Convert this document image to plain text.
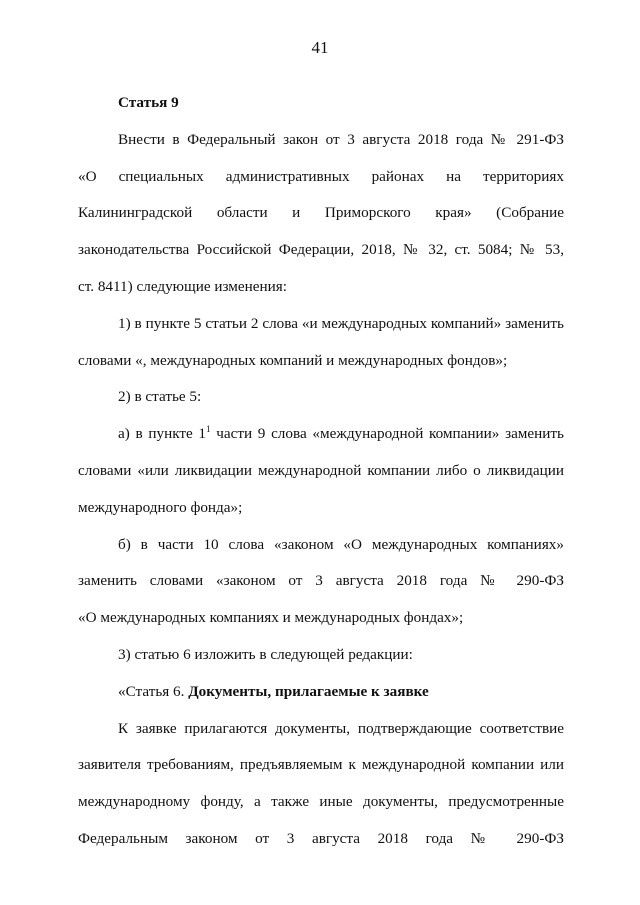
41

Статья 9

Внести в Федеральный закон от 3 августа 2018 года № 291-ФЗ

«О специальных административных районах на территориях

Калининградской области и Приморского края» (Собрание

законодательства Российской Федерации, 2018, № 32, ст. 5084; № 53,

ст. 8411) следующие изменения:

1) в пункте 5 статьи 2 слова «и международных компаний» заменить

словами «, международных компаний и международных фондов»;

2) в статье 5:

а) в пункте $1^1$ части 9 слова «международной компании» заменить

словами «или ликвидации международной компании либо о ликвидации

международного фонда»;

б) в части 10 слова «законом «О международных компаниях»

заменить словами «законом от 3 августа 2018 года № 290-ФЗ

«О международных компаниях и международных фондах»;

3) статью 6 изложить в следующей редакции:

«Статья 6. Документы, прилагаемые к заявке

К заявке прилагаются документы, подтверждающие соответствие

заявителя требованиям, предъявляемым к международной компании или

международному фонду, а также иные документы, предусмотренные

Федеральным законом от 3 августа 2018 года № 290-ФЗ
